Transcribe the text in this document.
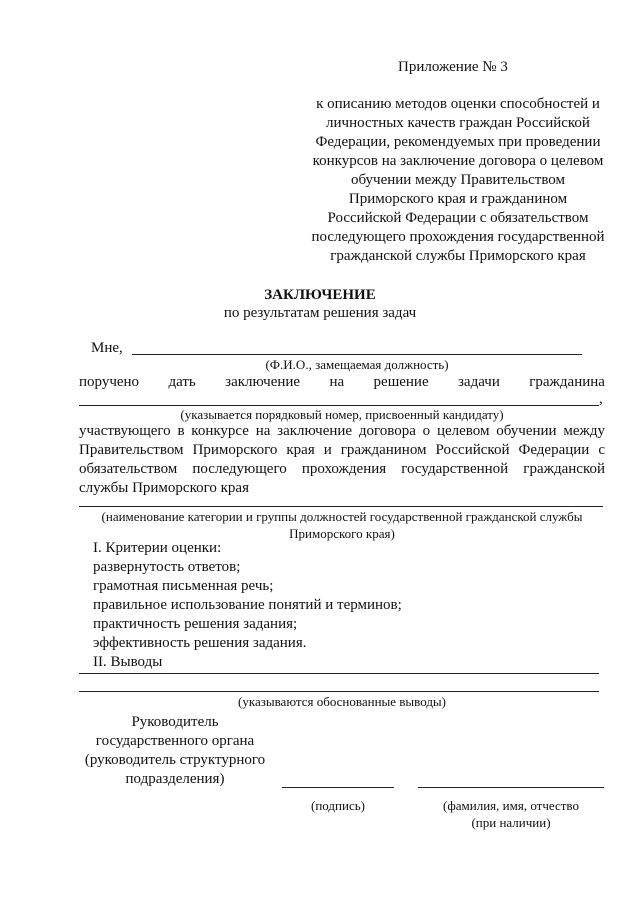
Приложение № 3
к описанию методов оценки способностей и
личностных качеств граждан Российской
Федерации, рекомендуемых при проведении
конкурсов на заключение договора о целевом
обучении между Правительством
Приморского края и гражданином
Российской Федерации с обязательством
последующего прохождения государственной
гражданской службы Приморского края
ЗАКЛЮЧЕНИЕ
по результатам решения задач
Мне,
(Ф.И.О., замещаемая должность)
поручено дать заключение на решение задачи гражданина
,
(указывается порядковый номер, присвоенный кандидату)
участвующего в конкурсе на заключение договора о целевом обучении между Правительством Приморского края и гражданином Российской Федерации с обязательством последующего прохождения государственной гражданской службы Приморского края
(наименование категории и группы должностей государственной гражданской службы
Приморского края)
I. Критерии оценки:
развернутость ответов;
грамотная письменная речь;
правильное использование понятий и терминов;
практичность решения задания;
эффективность решения задания.
II. Выводы
(указываются обоснованные выводы)
Руководитель
государственного органа
(руководитель структурного
подразделения)
(подпись)	(фамилия, имя, отчество
(при наличии)
